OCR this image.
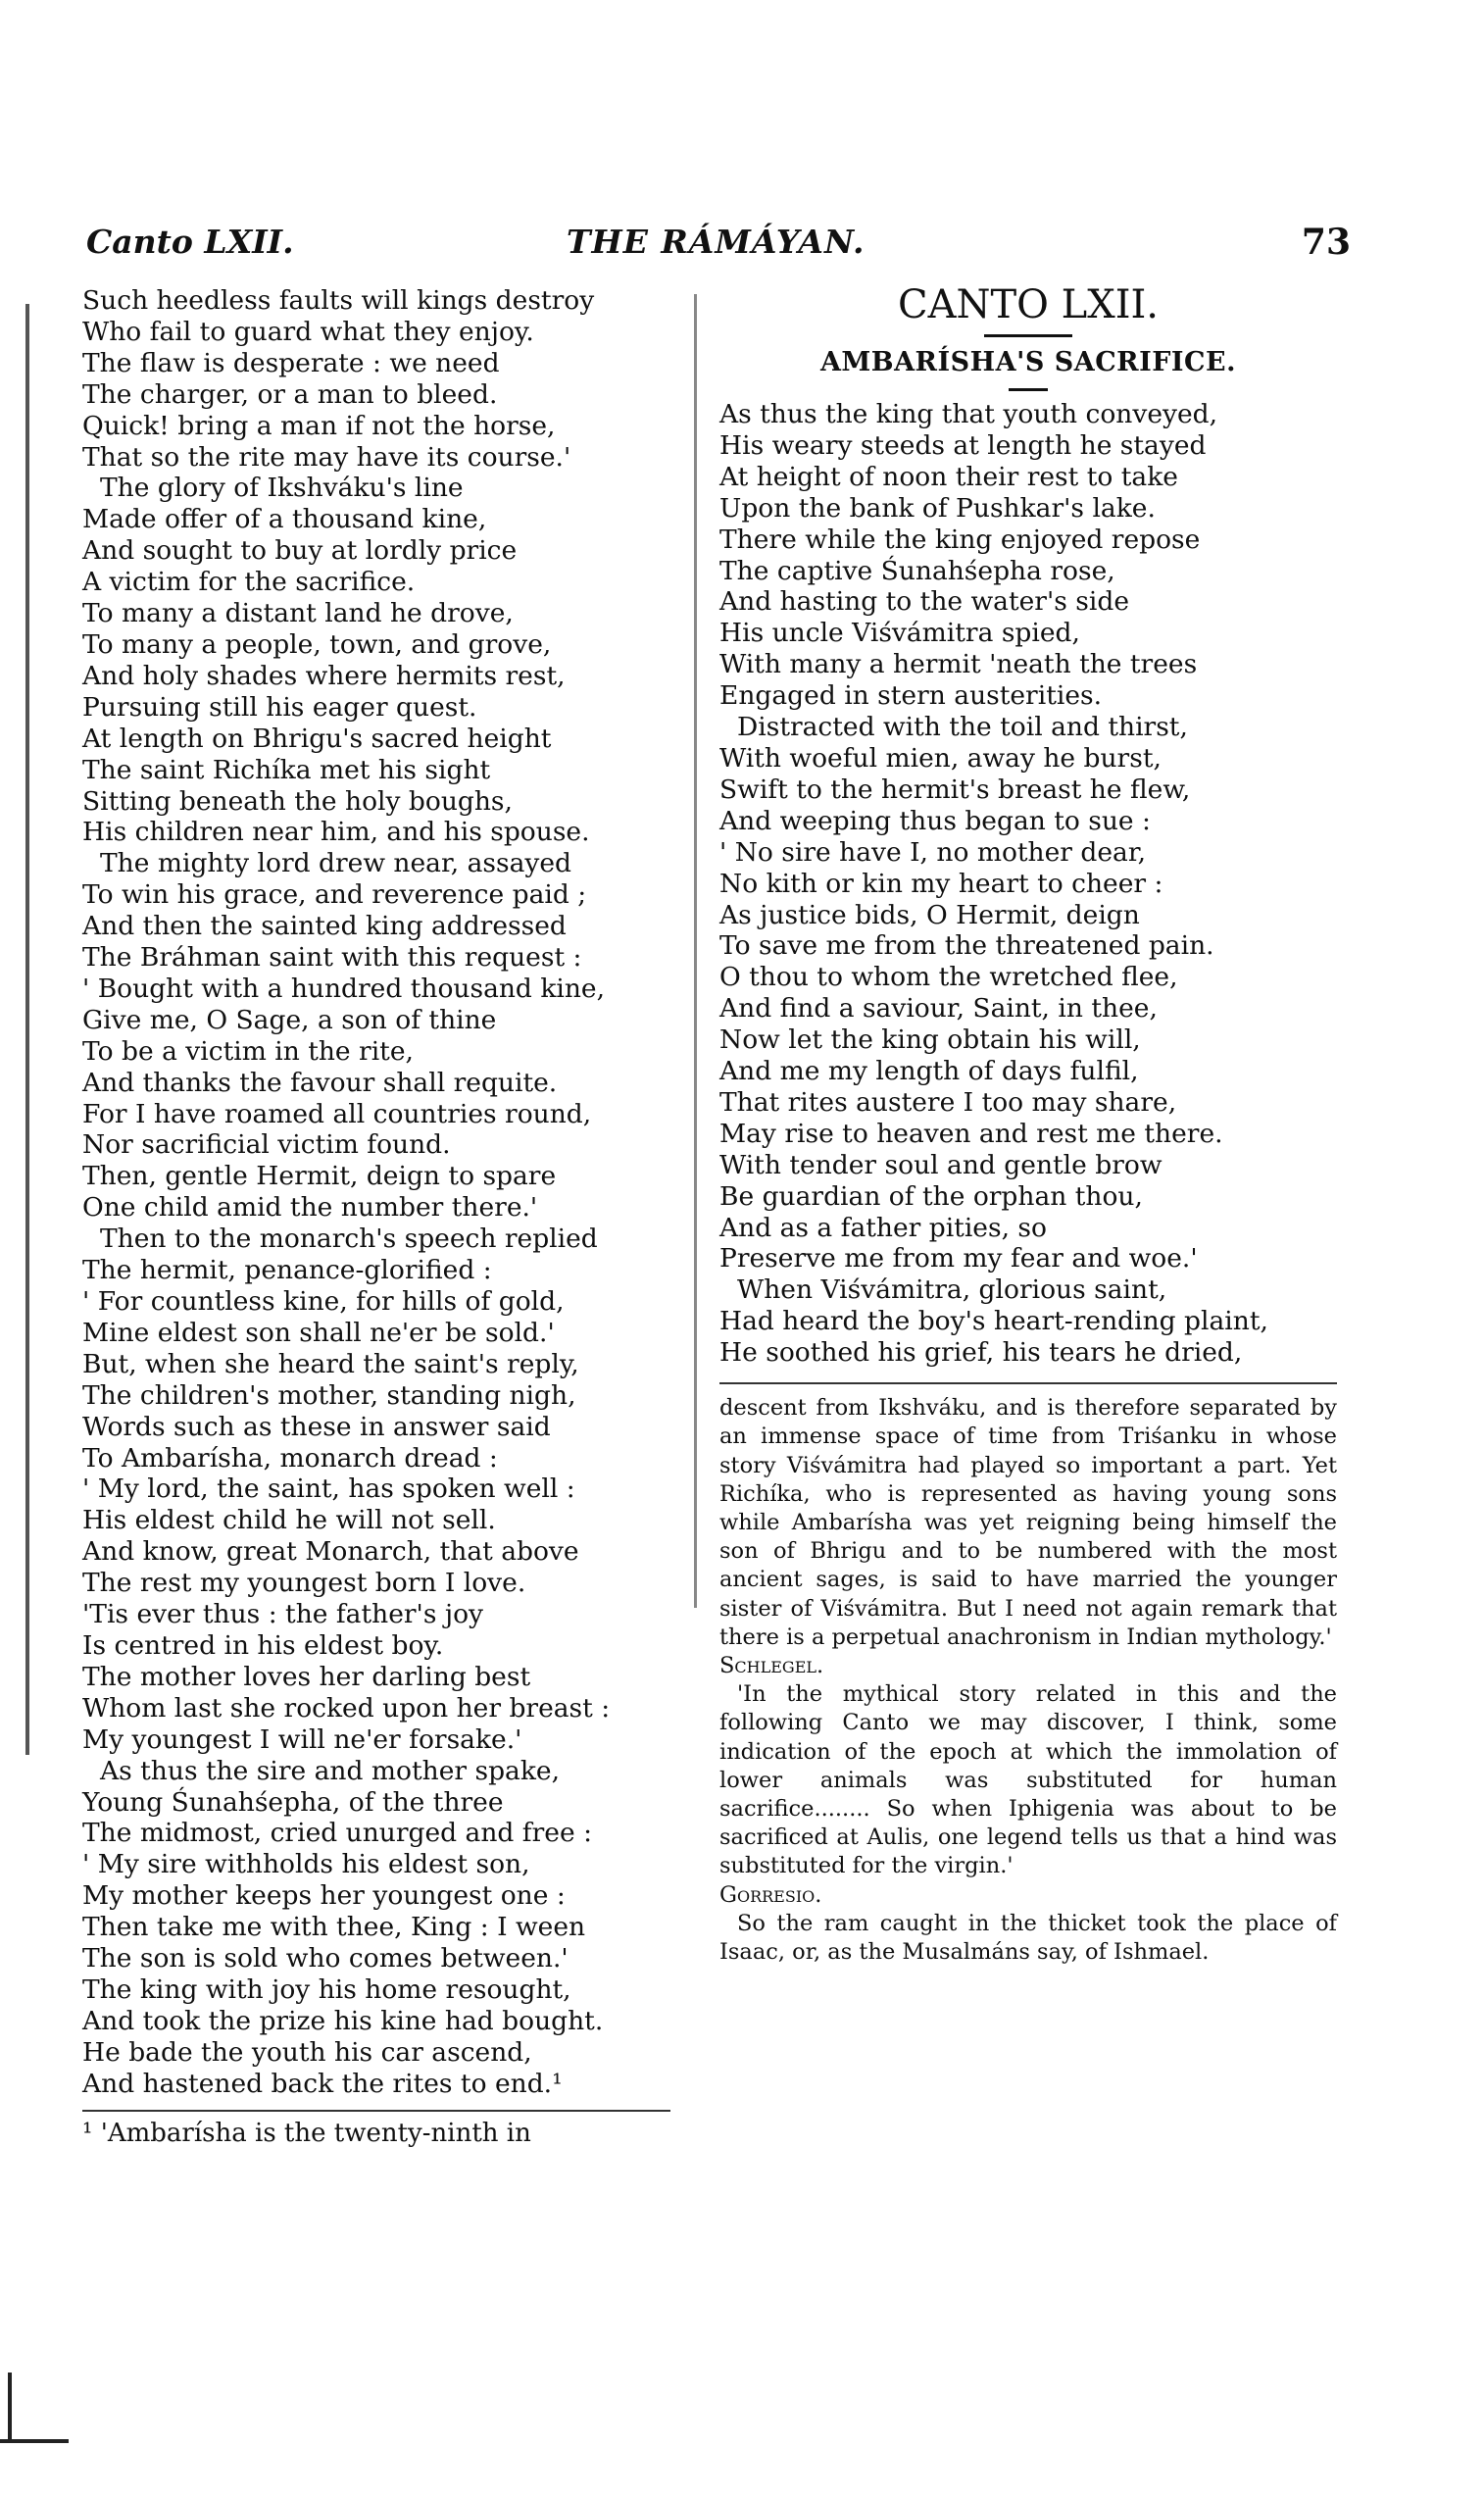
Canto LXII.	THE RÁMÁYAN.	73
Such heedless faults will kings destroy
Who fail to guard what they enjoy.
The flaw is desperate : we need
The charger, or a man to bleed.
Quick! bring a man if not the horse,
That so the rite may have its course.'
The glory of Ikshváku's line
Made offer of a thousand kine,
And sought to buy at lordly price
A victim for the sacrifice.
To many a distant land he drove,
To many a people, town, and grove,
And holy shades where hermits rest,
Pursuing still his eager quest.
At length on Bhrigu's sacred height
The saint Richíka met his sight
Sitting beneath the holy boughs,
His children near him, and his spouse.
The mighty lord drew near, assayed
To win his grace, and reverence paid ;
And then the sainted king addressed
The Bráhman saint with this request :
' Bought with a hundred thousand kine,
Give me, O Sage, a son of thine
To be a victim in the rite,
And thanks the favour shall requite.
For I have roamed all countries round,
Nor sacrificial victim found.
Then, gentle Hermit, deign to spare
One child amid the number there.'
Then to the monarch's speech replied
The hermit, penance-glorified :
' For countless kine, for hills of gold,
Mine eldest son shall ne'er be sold.'
But, when she heard the saint's reply,
The children's mother, standing nigh,
Words such as these in answer said
To Ambarísha, monarch dread :
' My lord, the saint, has spoken well :
His eldest child he will not sell.
And know, great Monarch, that above
The rest my youngest born I love.
'Tis ever thus : the father's joy
Is centred in his eldest boy.
The mother loves her darling best
Whom last she rocked upon her breast :
My youngest I will ne'er forsake.'
As thus the sire and mother spake,
Young Śunahśepha, of the three
The midmost, cried unurged and free :
' My sire withholds his eldest son,
My mother keeps her youngest one :
Then take me with thee, King : I ween
The son is sold who comes between.'
The king with joy his home resought,
And took the prize his kine had bought.
He bade the youth his car ascend,
And hastened back the rites to end.¹
¹ 'Ambarísha is the twenty-ninth in
CANTO LXII.
AMBARÍSHA'S SACRIFICE.
As thus the king that youth conveyed,
His weary steeds at length he stayed
At height of noon their rest to take
Upon the bank of Pushkar's lake.
There while the king enjoyed repose
The captive Śunahśepha rose,
And hasting to the water's side
His uncle Viśvámitra spied,
With many a hermit 'neath the trees
Engaged in stern austerities.
Distracted with the toil and thirst,
With woeful mien, away he burst,
Swift to the hermit's breast he flew,
And weeping thus began to sue :
' No sire have I, no mother dear,
No kith or kin my heart to cheer :
As justice bids, O Hermit, deign
To save me from the threatened pain.
O thou to whom the wretched flee,
And find a saviour, Saint, in thee,
Now let the king obtain his will,
And me my length of days fulfil,
That rites austere I too may share,
May rise to heaven and rest me there.
With tender soul and gentle brow
Be guardian of the orphan thou,
And as a father pities, so
Preserve me from my fear and woe.'
When Viśvámitra, glorious saint,
Had heard the boy's heart-rending plaint,
He soothed his grief, his tears he dried,

descent from Ikshváku, and is therefore separated by an immense space of time from Triśanku in whose story Viśvámitra had played so important a part. Yet Richíka, who is represented as having young sons while Ambarísha was yet reigning being himself the son of Bhrigu and to be numbered with the most ancient sages, is said to have married the younger sister of Viśvámitra. But I need not again remark that there is a perpetual anachronism in Indian mythology.'

Schlegel.

'In the mythical story related in this and the following Canto we may discover, I think, some indication of the epoch at which the immolation of lower animals was substituted for human sacrifice........ So when Iphigenia was about to be sacrificed at Aulis, one legend tells us that a hind was substituted for the virgin.'

Gorresio.

So the ram caught in the thicket took the place of Isaac, or, as the Musalmáns say, of Ishmael.
